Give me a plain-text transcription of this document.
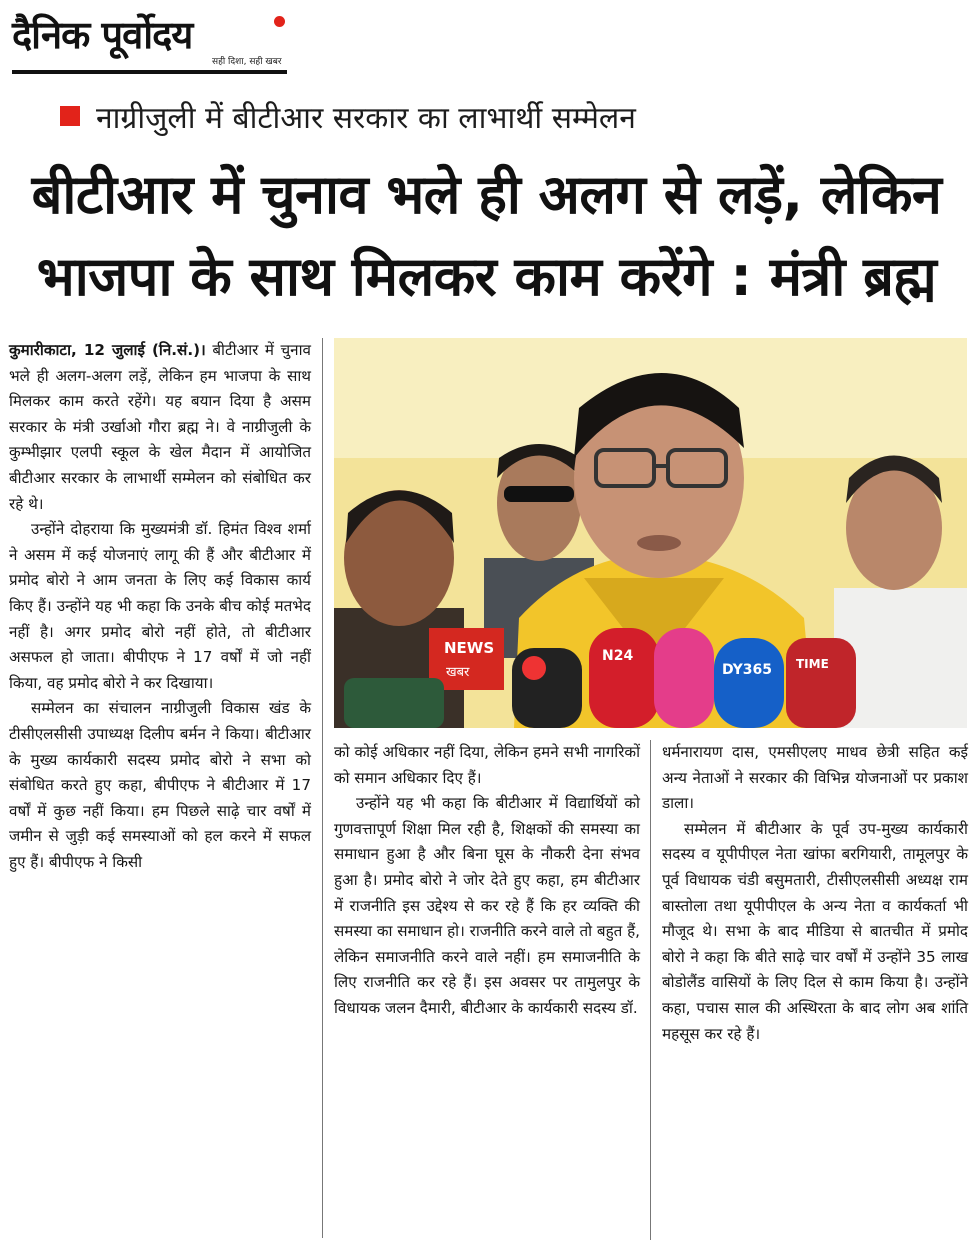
दैनिक पूर्वोदय
सही दिशा, सही खबर
नाग्रीजुली में बीटीआर सरकार का लाभार्थी सम्मेलन
बीटीआर में चुनाव भले ही अलग से लड़ें, लेकिन
भाजपा के साथ मिलकर काम करेंगे : मंत्री ब्रह्म

कुमारीकाटा, 12 जुलाई (नि.सं.)। बीटीआर में चुनाव भले ही अलग-अलग लड़ें, लेकिन हम भाजपा के साथ मिलकर काम करते रहेंगे। यह बयान दिया है असम सरकार के मंत्री उर्खाओ गौरा ब्रह्म ने। वे नाग्रीजुली के कुम्भीझार एलपी स्कूल के खेल मैदान में आयोजित बीटीआर सरकार के लाभार्थी सम्मेलन को संबोधित कर रहे थे।

उन्होंने दोहराया कि मुख्यमंत्री डॉ. हिमंत विश्व शर्मा ने असम में कई योजनाएं लागू की हैं और बीटीआर में प्रमोद बोरो ने आम जनता के लिए कई विकास कार्य किए हैं। उन्होंने यह भी कहा कि उनके बीच कोई मतभेद नहीं है। अगर प्रमोद बोरो नहीं होते, तो बीटीआर असफल हो जाता। बीपीएफ ने 17 वर्षों में जो नहीं किया, वह प्रमोद बोरो ने कर दिखाया।

सम्मेलन का संचालन नाग्रीजुली विकास खंड के टीसीएलसीसी उपाध्यक्ष दिलीप बर्मन ने किया। बीटीआर के मुख्य कार्यकारी सदस्य प्रमोद बोरो ने सभा को संबोधित करते हुए कहा, बीपीएफ ने बीटीआर में 17 वर्षों में कुछ नहीं किया। हम पिछले साढ़े चार वर्षों में जमीन से जुड़ी कई समस्याओं को हल करने में सफल हुए हैं। बीपीएफ ने किसी

NEWS
खबर
N24
DY365 TIME

को कोई अधिकार नहीं दिया, लेकिन हमने सभी नागरिकों को समान अधिकार दिए हैं।

उन्होंने यह भी कहा कि बीटीआर में विद्यार्थियों को गुणवत्तापूर्ण शिक्षा मिल रही है, शिक्षकों की समस्या का समाधान हुआ है और बिना घूस के नौकरी देना संभव हुआ है। प्रमोद बोरो ने जोर देते हुए कहा, हम बीटीआर में राजनीति इस उद्देश्य से कर रहे हैं कि हर व्यक्ति की समस्या का समाधान हो। राजनीति करने वाले तो बहुत हैं, लेकिन समाजनीति करने वाले नहीं। हम समाजनीति के लिए राजनीति कर रहे हैं। इस अवसर पर तामुलपुर के विधायक जलन दैमारी, बीटीआर के कार्यकारी सदस्य डॉ.

धर्मनारायण दास, एमसीएलए माधव छेत्री सहित कई अन्य नेताओं ने सरकार की विभिन्न योजनाओं पर प्रकाश डाला।

सम्मेलन में बीटीआर के पूर्व उप-मुख्य कार्यकारी सदस्य व यूपीपीएल नेता खांफा बरगियारी, तामूलपुर के पूर्व विधायक चंडी बसुमतारी, टीसीएलसीसी अध्यक्ष राम बास्तोला तथा यूपीपीएल के अन्य नेता व कार्यकर्ता भी मौजूद थे। सभा के बाद मीडिया से बातचीत में प्रमोद बोरो ने कहा कि बीते साढ़े चार वर्षों में उन्होंने 35 लाख बोडोलैंड वासियों के लिए दिल से काम किया है। उन्होंने कहा, पचास साल की अस्थिरता के बाद लोग अब शांति महसूस कर रहे हैं।
